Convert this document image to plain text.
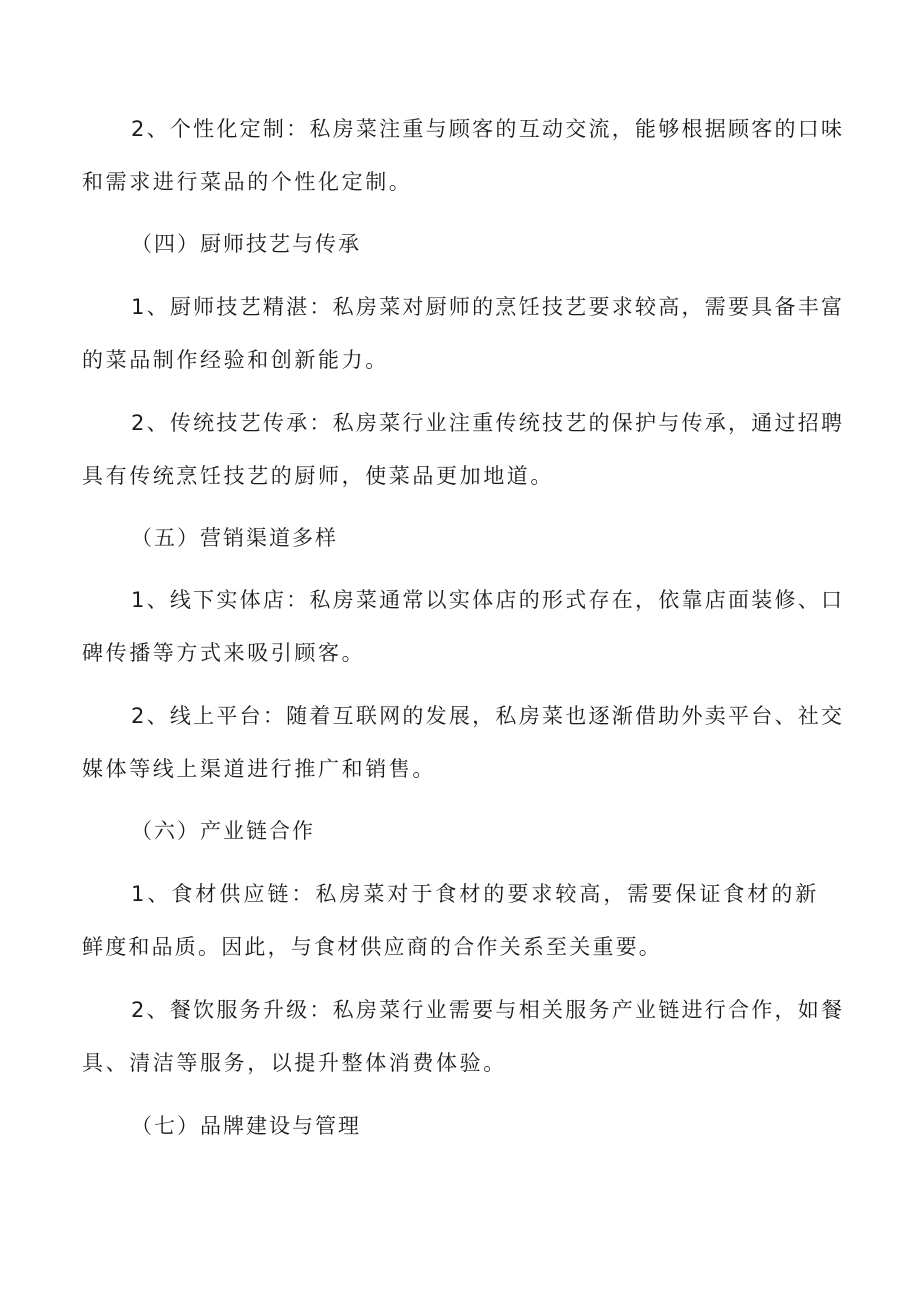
2、个性化定制：私房菜注重与顾客的互动交流，能够根据顾客的口味
和需求进行菜品的个性化定制。
（四）厨师技艺与传承
1、厨师技艺精湛：私房菜对厨师的烹饪技艺要求较高，需要具备丰富
的菜品制作经验和创新能力。
2、传统技艺传承：私房菜行业注重传统技艺的保护与传承，通过招聘
具有传统烹饪技艺的厨师，使菜品更加地道。
（五）营销渠道多样
1、线下实体店：私房菜通常以实体店的形式存在，依靠店面装修、口
碑传播等方式来吸引顾客。
2、线上平台：随着互联网的发展，私房菜也逐渐借助外卖平台、社交
媒体等线上渠道进行推广和销售。
（六）产业链合作
1、食材供应链：私房菜对于食材的要求较高，需要保证食材的新
鲜度和品质。因此，与食材供应商的合作关系至关重要。
2、餐饮服务升级：私房菜行业需要与相关服务产业链进行合作，如餐
具、清洁等服务，以提升整体消费体验。
（七）品牌建设与管理
